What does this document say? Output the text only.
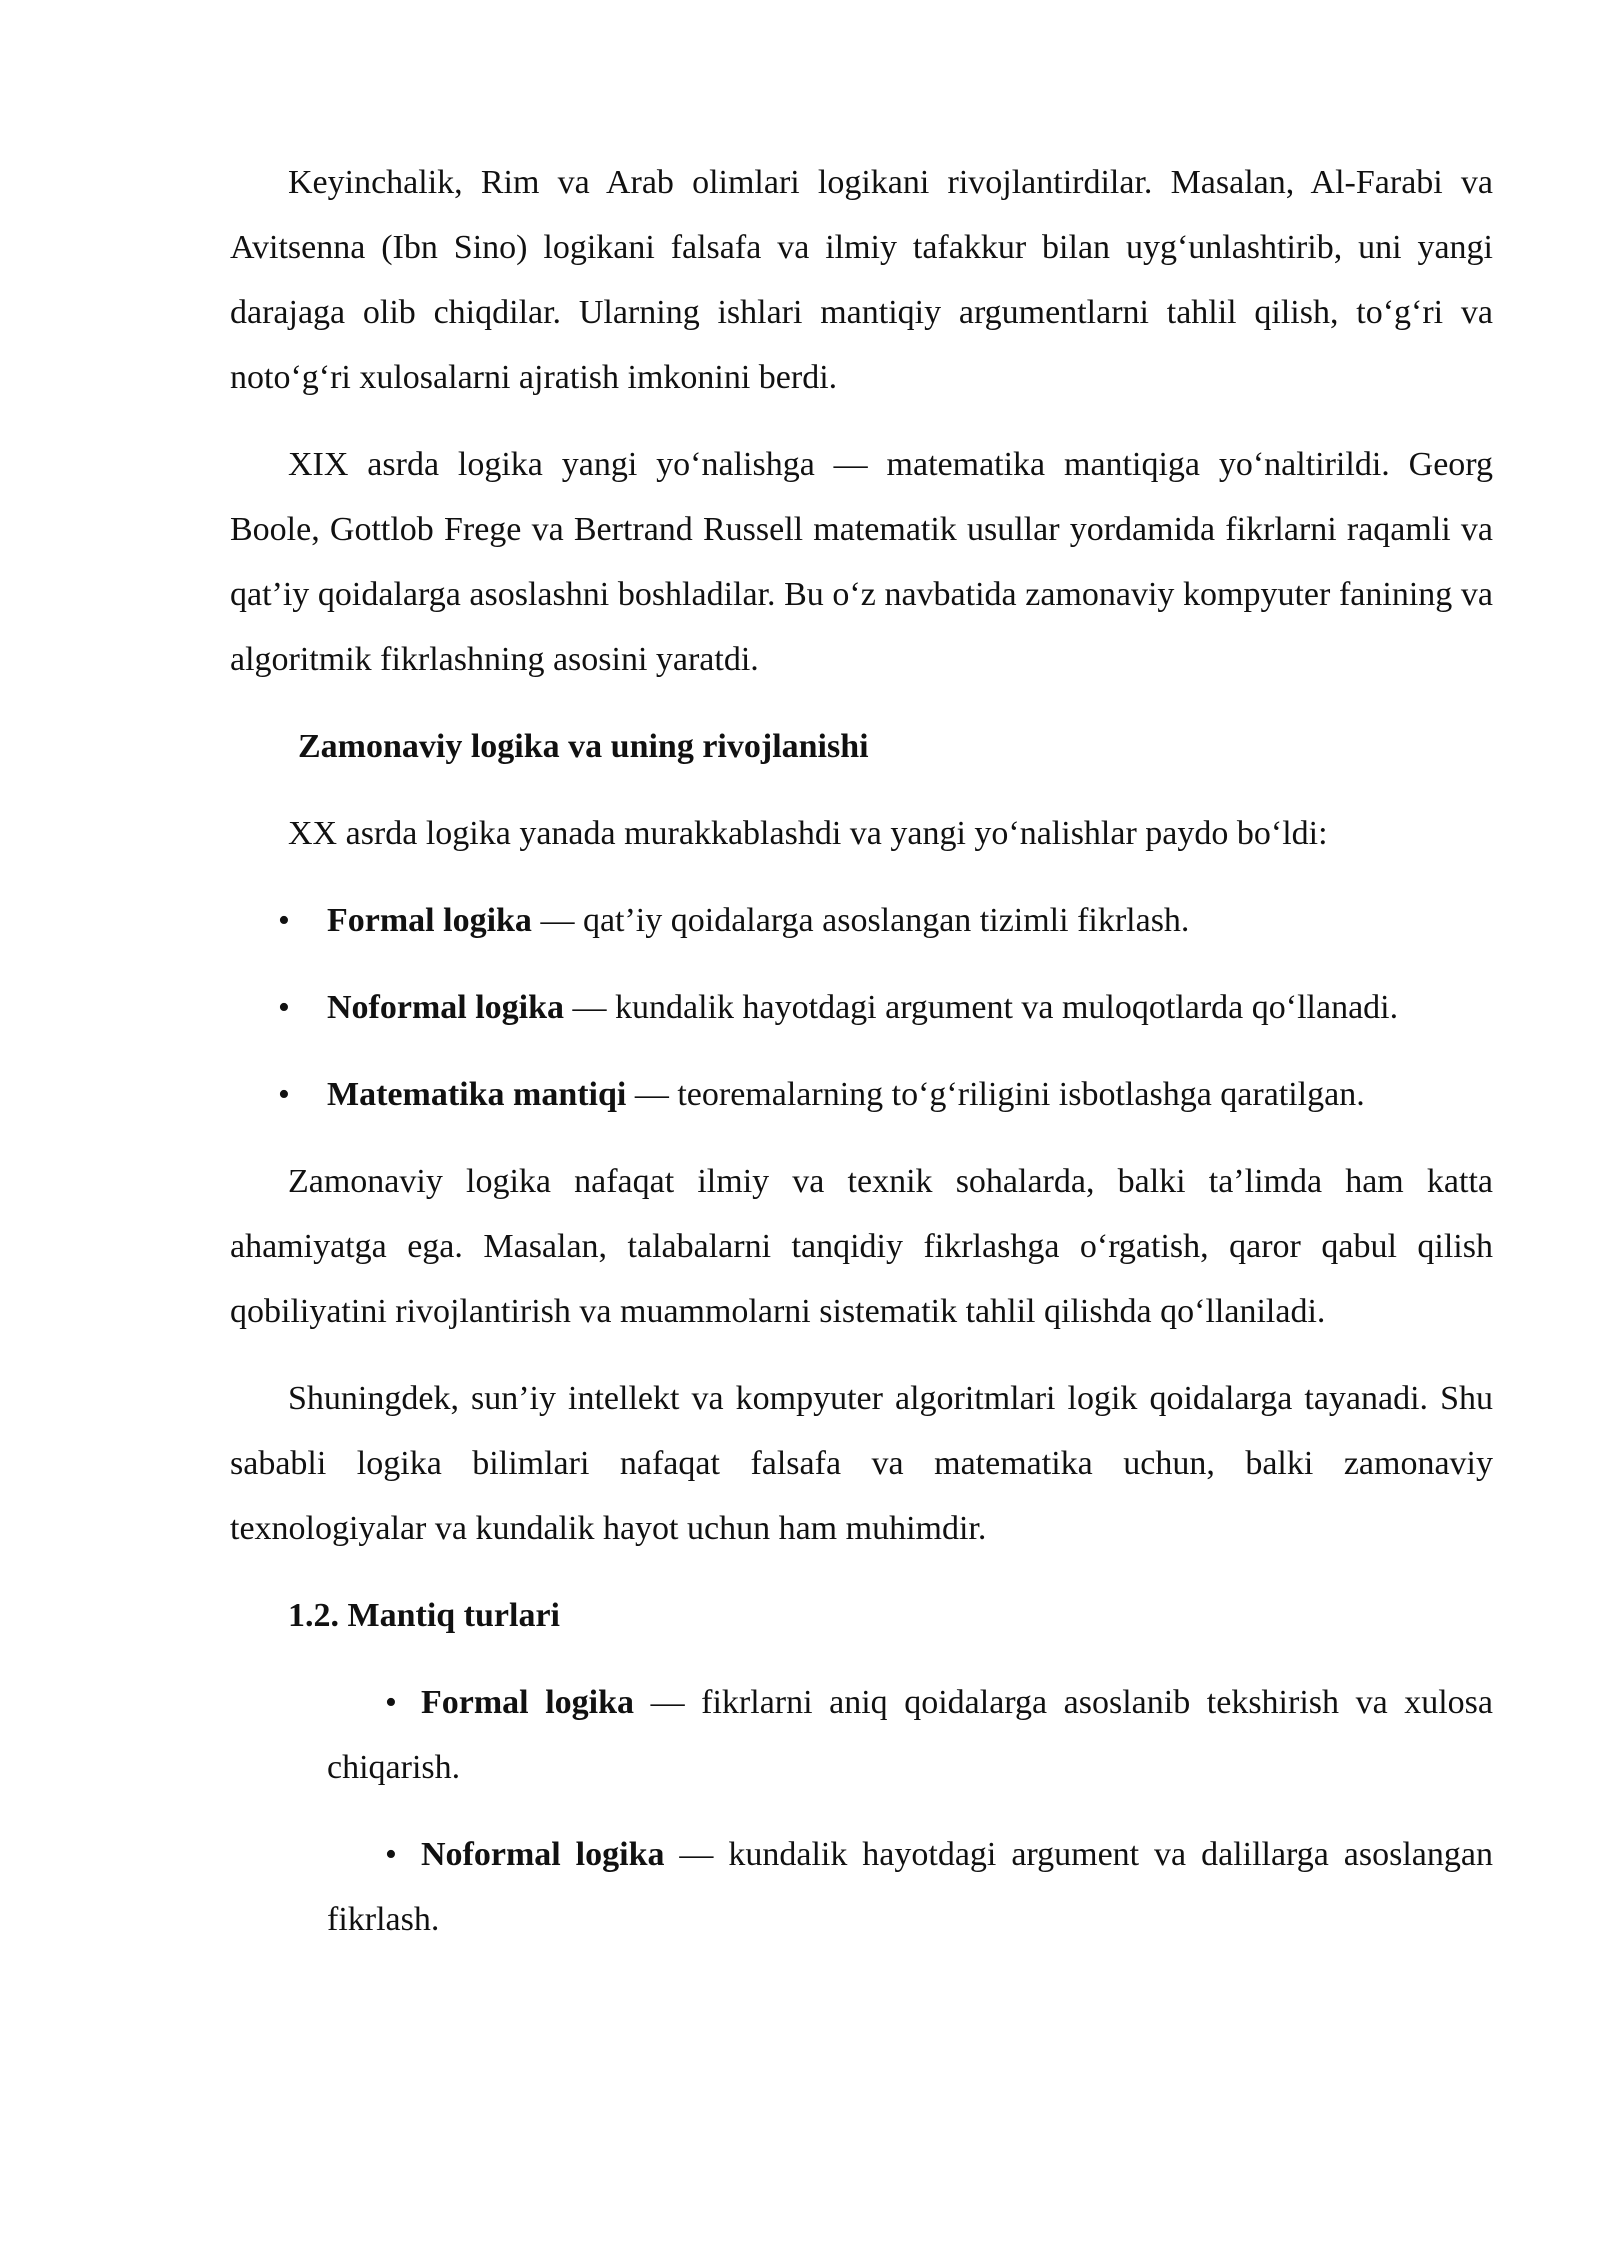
Keyinchalik, Rim va Arab olimlari logikani rivojlantirdilar. Masalan, Al-Farabi va Avitsenna (Ibn Sino) logikani falsafa va ilmiy tafakkur bilan uyg‘unlashtirib, uni yangi darajaga olib chiqdilar. Ularning ishlari mantiqiy argumentlarni tahlil qilish, to‘g‘ri va noto‘g‘ri xulosalarni ajratish imkonini berdi.

XIX asrda logika yangi yo‘nalishga — matematika mantiqiga yo‘naltirildi. Georg Boole, Gottlob Frege va Bertrand Russell matematik usullar yordamida fikrlarni raqamli va qat’iy qoidalarga asoslashni boshladilar. Bu o‘z navbatida zamonaviy kompyuter fanining va algoritmik fikrlashning asosini yaratdi.

Zamonaviy logika va uning rivojlanishi

XX asrda logika yanada murakkablashdi va yangi yo‘nalishlar paydo bo‘ldi:

• Formal logika — qat’iy qoidalarga asoslangan tizimli fikrlash.
• Noformal logika — kundalik hayotdagi argument va muloqotlarda qo‘llanadi.
• Matematika mantiqi — teoremalarning to‘g‘riligini isbotlashga qaratilgan.

Zamonaviy logika nafaqat ilmiy va texnik sohalarda, balki ta’limda ham katta ahamiyatga ega. Masalan, talabalarni tanqidiy fikrlashga o‘rgatish, qaror qabul qilish qobiliyatini rivojlantirish va muammolarni sistematik tahlil qilishda qo‘llaniladi.

Shuningdek, sun’iy intellekt va kompyuter algoritmlari logik qoidalarga tayanadi. Shu sababli logika bilimlari nafaqat falsafa va matematika uchun, balki zamonaviy texnologiyalar va kundalik hayot uchun ham muhimdir.

1.2. Mantiq turlari
• Formal logika — fikrlarni aniq qoidalarga asoslanib tekshirish va xulosa chiqarish.
• Noformal logika — kundalik hayotdagi argument va dalillarga asoslangan fikrlash.
